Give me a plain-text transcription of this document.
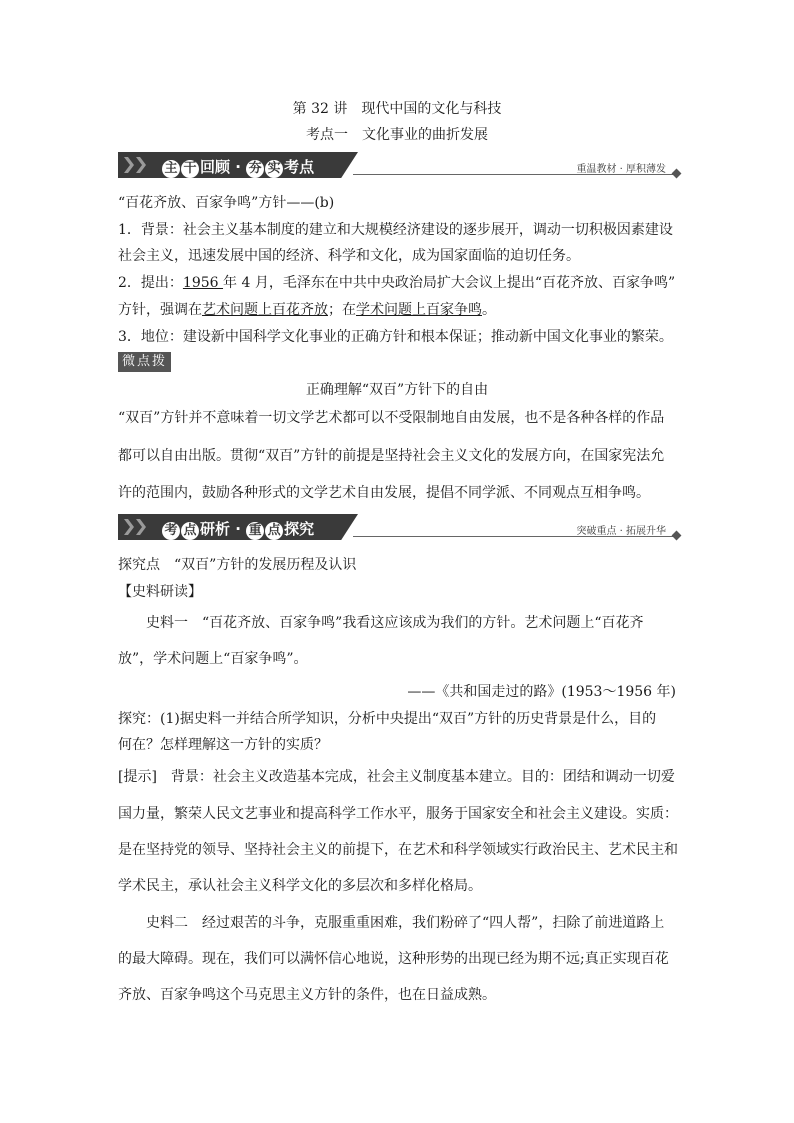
第 32 讲　现代中国的文化与科技
考点一　文化事业的曲折发展
主 干 回顾 · 夯 实 考点	重温教材 · 厚积薄发
“百花齐放、百家争鸣”方针——(b)
1．背景：社会主义基本制度的建立和大规模经济建设的逐步展开，调动一切积极因素建设
社会主义，迅速发展中国的经济、科学和文化，成为国家面临的迫切任务。
2．提出：1956 年 4 月，毛泽东在中共中央政治局扩大会议上提出“百花齐放、百家争鸣”
方针，强调在艺术问题上百花齐放；在学术问题上百家争鸣。
3．地位：建设新中国科学文化事业的正确方针和根本保证；推动新中国文化事业的繁荣。
微点拨
正确理解“双百”方针下的自由
“双百”方针并不意味着一切文学艺术都可以不受限制地自由发展，也不是各种各样的作品
都可以自由出版。贯彻“双百”方针的前提是坚持社会主义文化的发展方向，在国家宪法允
许的范围内，鼓励各种形式的文学艺术自由发展，提倡不同学派、不同观点互相争鸣。
考 点 研析 · 重 点 探究	突破重点 · 拓展升华
探究点　“双百”方针的发展历程及认识
【史料研读】
史料一　“百花齐放、百家争鸣”我看这应该成为我们的方针。艺术问题上“百花齐
放”，学术问题上“百家争鸣”。
——《共和国走过的路》(1953～1956 年)
探究：(1)据史料一并结合所学知识，分析中央提出“双百”方针的历史背景是什么，目的
何在？怎样理解这一方针的实质？
[提示]　背景：社会主义改造基本完成，社会主义制度基本建立。目的：团结和调动一切爱
国力量，繁荣人民文艺事业和提高科学工作水平，服务于国家安全和社会主义建设。实质：
是在坚持党的领导、坚持社会主义的前提下，在艺术和科学领域实行政治民主、艺术民主和
学术民主，承认社会主义科学文化的多层次和多样化格局。
史料二　经过艰苦的斗争，克服重重困难，我们粉碎了“四人帮”，扫除了前进道路上
的最大障碍。现在，我们可以满怀信心地说，这种形势的出现已经为期不远;真正实现百花
齐放、百家争鸣这个马克思主义方针的条件，也在日益成熟。
